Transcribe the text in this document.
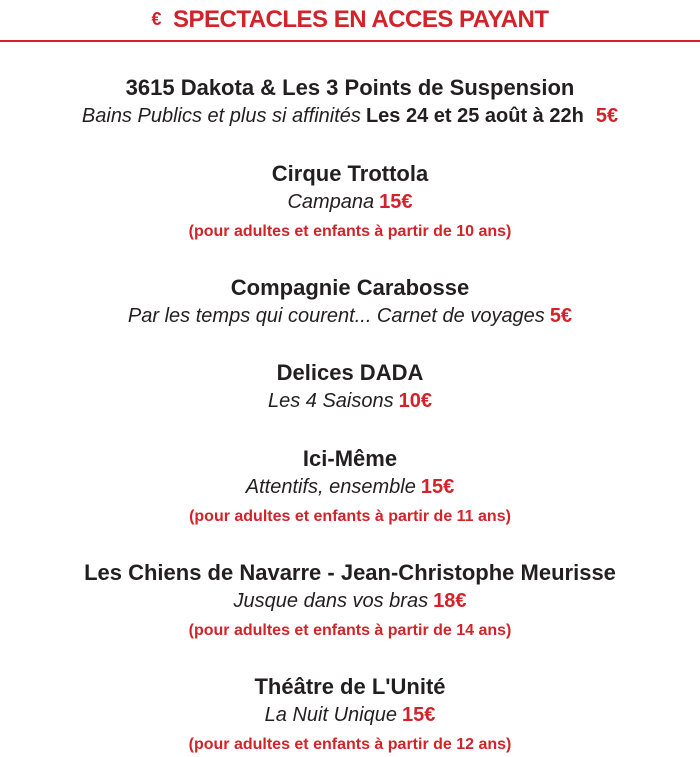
€ SPECTACLES EN ACCES PAYANT
3615 Dakota & Les 3 Points de Suspension
Bains Publics et plus si affinités Les 24 et 25 août à 22h 5€
Cirque Trottola
Campana 15€
(pour adultes et enfants à partir de 10 ans)
Compagnie Carabosse
Par les temps qui courent... Carnet de voyages 5€
Delices DADA
Les 4 Saisons 10€
Ici-Même
Attentifs, ensemble 15€
(pour adultes et enfants à partir de 11 ans)
Les Chiens de Navarre - Jean-Christophe Meurisse
Jusque dans vos bras 18€
(pour adultes et enfants à partir de 14 ans)
Théâtre de L'Unité
La Nuit Unique 15€
(pour adultes et enfants à partir de 12 ans)
